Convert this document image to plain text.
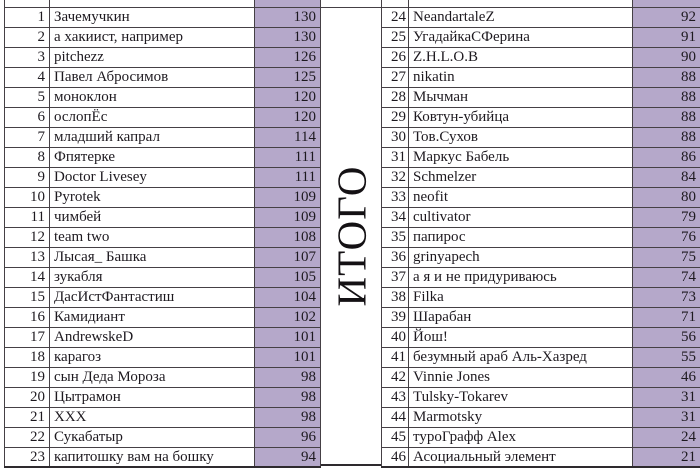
1	Зачемучкин	130
2	а хакиист, например	130
3	pitchezz	126
4	Павел Абросимов	125
5	моноклон	120
6	ослопЁс	120
7	младший капрал	114
8	Фпятерке	111
9	Doctor Livesey	111
10	Pyrotek	109
11	чимбей	109
12	team two	108
13	Лысая_ Башка	107
14	зукабля	105
15	ДасИстФантастиш	104
16	Камидиант	102
17	AndrewskeD	101
18	карагоз	101
19	сын Деда Мороза	98
20	Цытрамон	98
21	XXX	98
22	Сукабатыр	96
23	капитошку вам на бошку	94
ИТОГО

24	NeandartaleZ	92
25	УгадайкаСФерина	91
26	Z.H.L.O.B	90
27	nikatin	88
28	Мычман	88
29	Ковтун-убийца	88
30	Тов.Сухов	88
31	Маркус Бабель	86
32	Schmelzer	84
33	neofit	80
34	cultivator	79
35	папирос	76
36	grinyapech	75
37	а я и не придуриваюсь	74
38	Filka	73
39	Шарабан	71
40	Йош!	56
41	безумный араб Аль-Хазред	55
42	Vinnie Jones	46
43	Tulsky-Tokarev	31
44	Marmotsky	31
45	туроГрафф Alex	24
46	Асоциальный элемент	21
